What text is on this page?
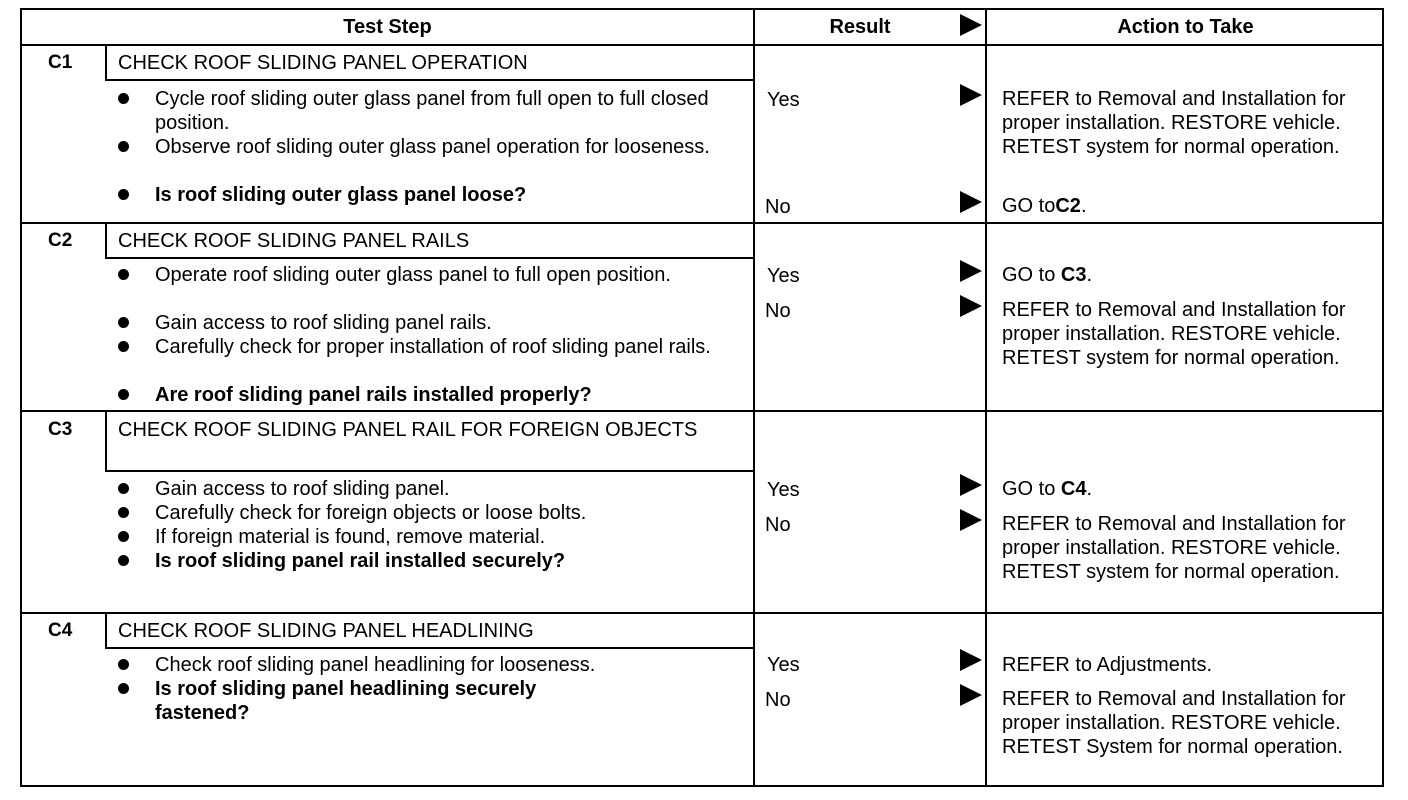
Test Step	Result	Action to Take
C1 CHECK ROOF SLIDING PANEL OPERATION
Cycle roof sliding outer glass panel from full open to full closed position.
Observe roof sliding outer glass panel operation for looseness.
Is roof sliding outer glass panel loose?
Yes	REFER to Removal and Installation for proper installation. RESTORE vehicle. RETEST system for normal operation.
No	GO toC2.
C2 CHECK ROOF SLIDING PANEL RAILS
Operate roof sliding outer glass panel to full open position.
Gain access to roof sliding panel rails.
Carefully check for proper installation of roof sliding panel rails.
Are roof sliding panel rails installed properly?
Yes	GO to C3.
No	REFER to Removal and Installation for proper installation. RESTORE vehicle. RETEST system for normal operation.
C3 CHECK ROOF SLIDING PANEL RAIL FOR FOREIGN OBJECTS
Gain access to roof sliding panel.
Carefully check for foreign objects or loose bolts.
If foreign material is found, remove material.
Is roof sliding panel rail installed securely?
Yes	GO to C4.
No	REFER to Removal and Installation for proper installation. RESTORE vehicle. RETEST system for normal operation.
C4 CHECK ROOF SLIDING PANEL HEADLINING
Check roof sliding panel headlining for looseness.
Is roof sliding panel headlining securely fastened?
Yes	REFER to Adjustments.
No	REFER to Removal and Installation for proper installation. RESTORE vehicle. RETEST System for normal operation.
